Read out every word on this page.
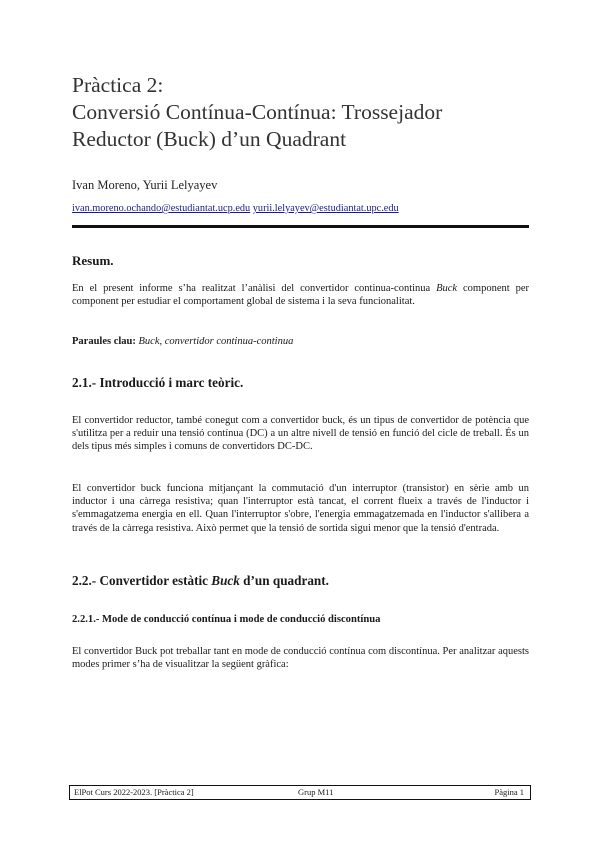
Pràctica 2:
Conversió Contínua-Contínua: Trossejador
Reductor (Buck) d’un Quadrant
Ivan Moreno, Yurii Lelyayev
ivan.moreno.ochando@estudiantat.ucp.edu yurii.lelyayev@estudiantat.upc.edu
Resum.
En el present informe s’ha realitzat l’anàlisi del convertidor continua-continua Buck component per component per estudiar el comportament global de sistema i la seva funcionalitat.
Paraules clau: Buck, convertidor continua-continua
2.1.- Introducció i marc teòric.
El convertidor reductor, també conegut com a convertidor buck, és un tipus de convertidor de potència que s'utilitza per a reduir una tensió contínua (DC) a un altre nivell de tensió en funció del cicle de treball. És un dels tipus més simples i comuns de convertidors DC-DC.
El convertidor buck funciona mitjançant la commutació d'un interruptor (transistor) en sèrie amb un inductor i una càrrega resistiva; quan l'interruptor està tancat, el corrent flueix a través de l'inductor i s'emmagatzema energia en ell. Quan l'interruptor s'obre, l'energia emmagatzemada en l'inductor s'allibera a través de la càrrega resistiva. Això permet que la tensió de sortida sigui menor que la tensió d'entrada.
2.2.- Convertidor estàtic Buck d’un quadrant.
2.2.1.- Mode de conducció contínua i mode de conducció discontínua
El convertidor Buck pot treballar tant en mode de conducció contínua com discontínua. Per analitzar aquests modes primer s’ha de visualitzar la següent gràfica:
ElPot Curs 2022-2023. [Pràctica 2]	Grup M11	Pàgina 1
